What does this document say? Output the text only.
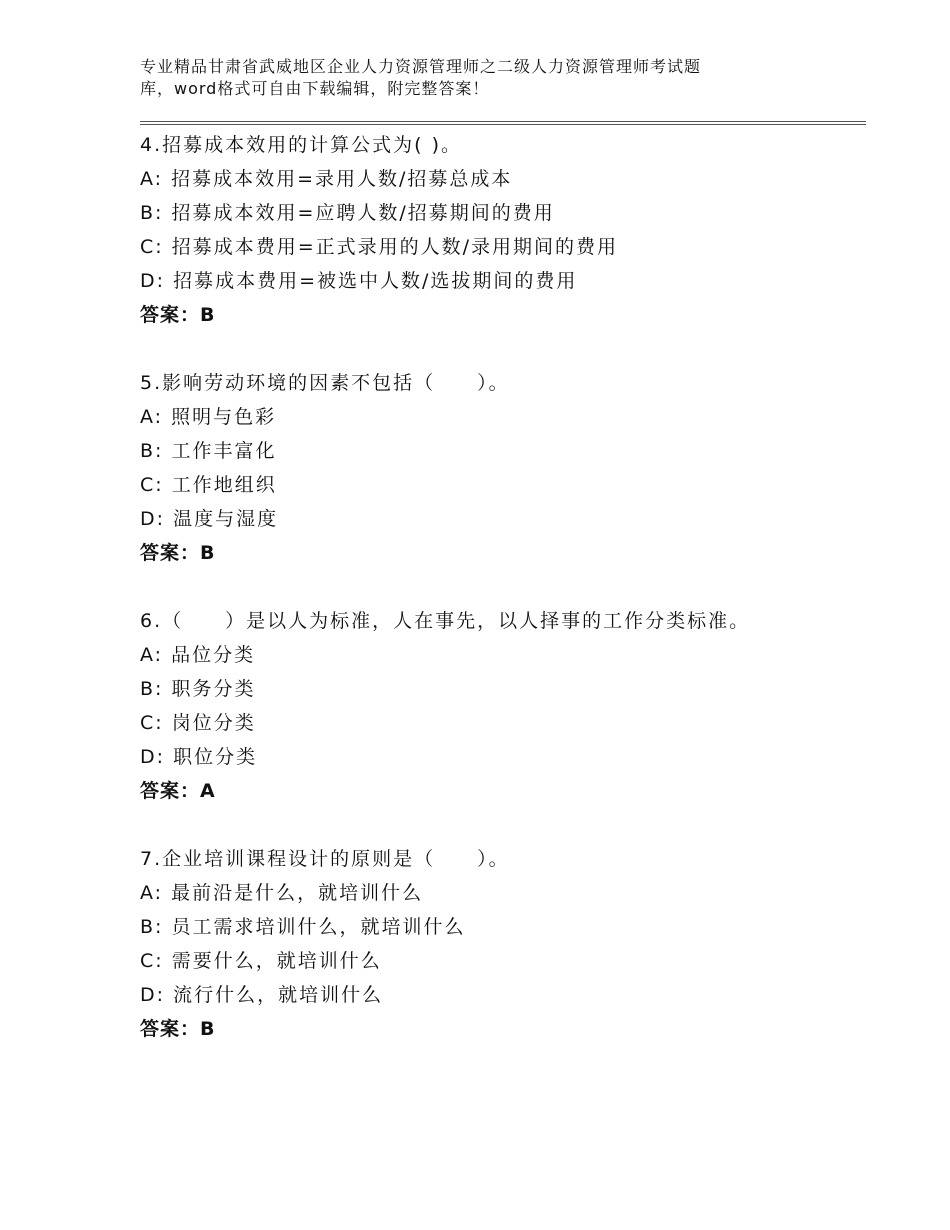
专业精品甘肃省武威地区企业人力资源管理师之二级人力资源管理师考试题
库，word格式可自由下载编辑，附完整答案！
4.招募成本效用的计算公式为( )。
A: 招募成本效用=录用人数/招募总成本
B: 招募成本效用=应聘人数/招募期间的费用
C: 招募成本费用=正式录用的人数/录用期间的费用
D: 招募成本费用=被选中人数/选拔期间的费用
答案：B
5.影响劳动环境的因素不包括（　　）。
A: 照明与色彩
B: 工作丰富化
C: 工作地组织
D: 温度与湿度
答案：B
6.（　　）是以人为标准，人在事先，以人择事的工作分类标准。
A: 品位分类
B: 职务分类
C: 岗位分类
D: 职位分类
答案：A
7.企业培训课程设计的原则是（　　）。
A: 最前沿是什么，就培训什么
B: 员工需求培训什么，就培训什么
C: 需要什么，就培训什么
D: 流行什么，就培训什么
答案：B
